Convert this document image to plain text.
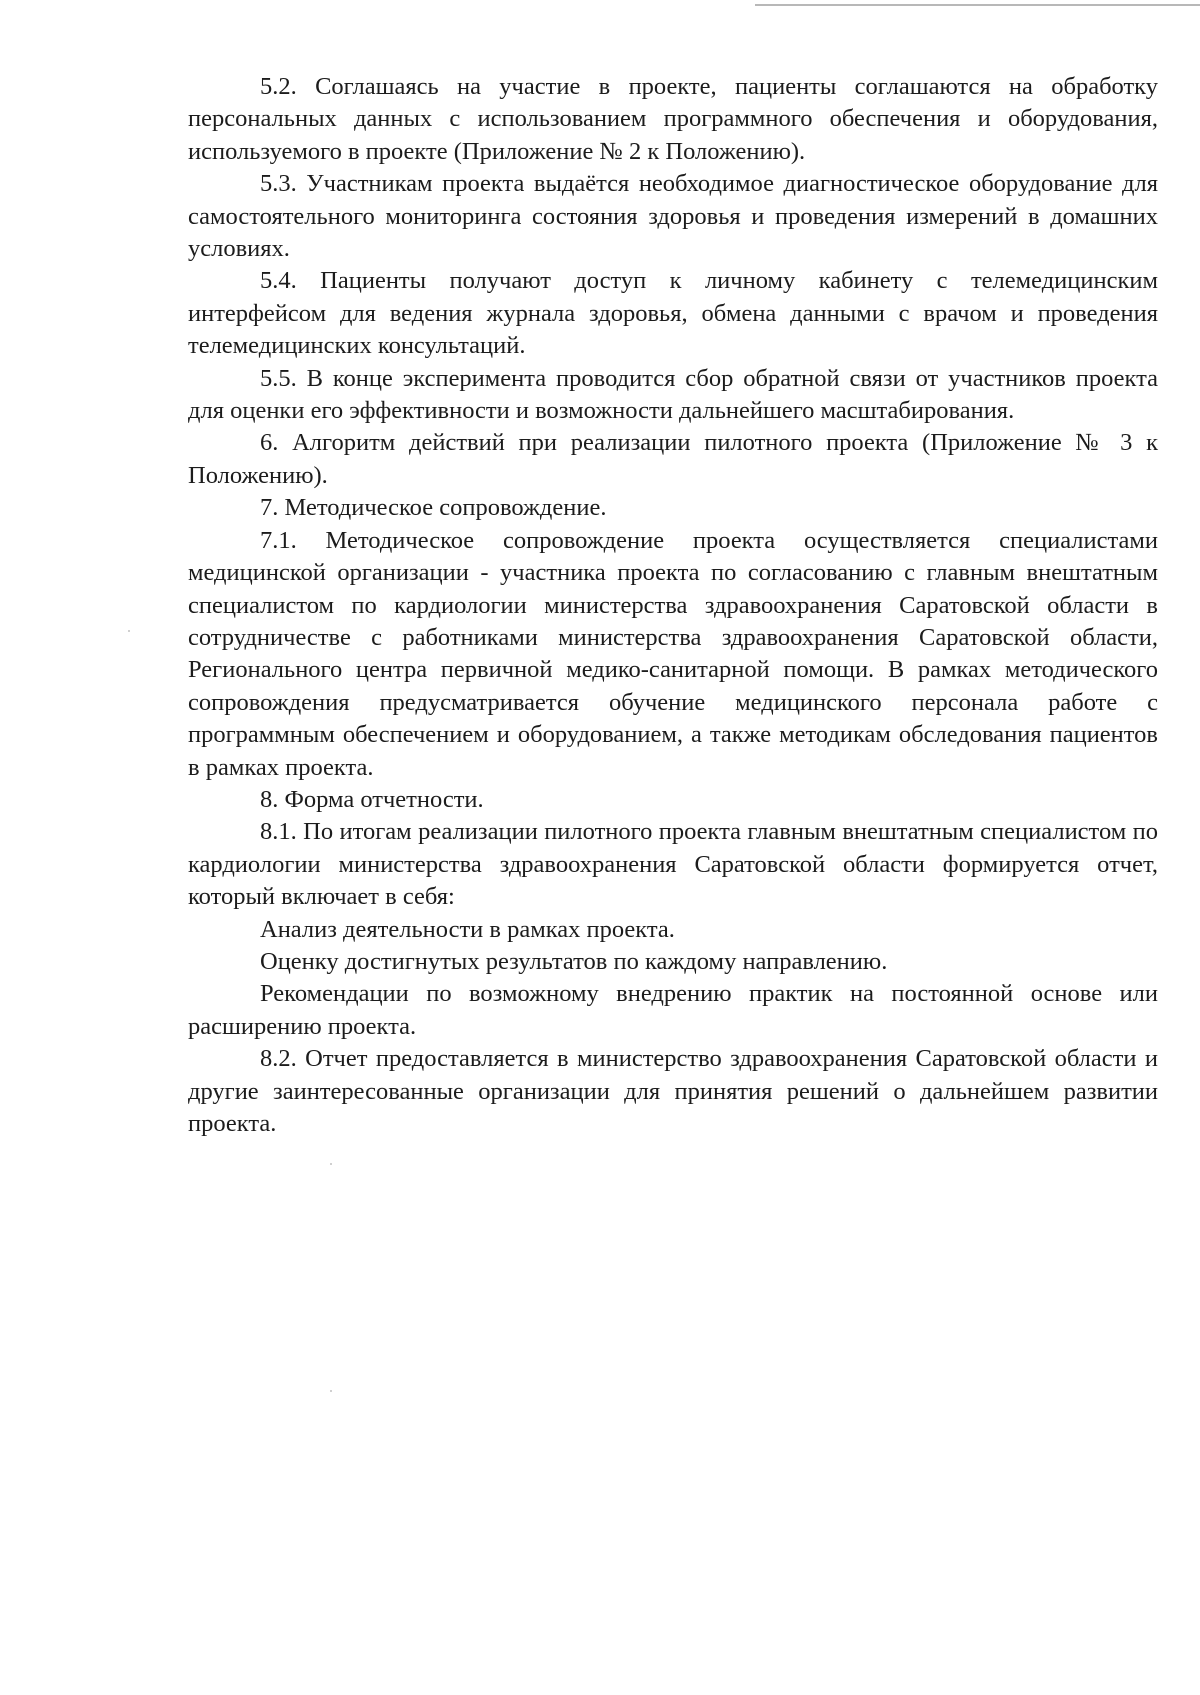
5.2. Соглашаясь на участие в проекте, пациенты соглашаются на обработку персональных данных с использованием программного обеспечения и оборудования, используемого в проекте (Приложение № 2 к Положению).

5.3. Участникам проекта выдаётся необходимое диагностическое оборудование для самостоятельного мониторинга состояния здоровья и проведения измерений в домашних условиях.

5.4. Пациенты получают доступ к личному кабинету с телемедицинским интерфейсом для ведения журнала здоровья, обмена данными с врачом и проведения телемедицинских консультаций.

5.5. В конце эксперимента проводится сбор обратной связи от участников проекта для оценки его эффективности и возможности дальнейшего масштабирования.

6. Алгоритм действий при реализации пилотного проекта (Приложение № 3 к Положению).

7. Методическое сопровождение.

7.1. Методическое сопровождение проекта осуществляется специалистами медицинской организации - участника проекта по согласованию с главным внештатным специалистом по кардиологии министерства здравоохранения Саратовской области в сотрудничестве с работниками министерства здравоохранения Саратовской области, Регионального центра первичной медико-санитарной помощи. В рамках методического сопровождения предусматривается обучение медицинского персонала работе с программным обеспечением и оборудованием, а также методикам обследования пациентов в рамках проекта.

8. Форма отчетности.

8.1. По итогам реализации пилотного проекта главным внештатным специалистом по кардиологии министерства здравоохранения Саратовской области формируется отчет, который включает в себя:

Анализ деятельности в рамках проекта.

Оценку достигнутых результатов по каждому направлению.

Рекомендации по возможному внедрению практик на постоянной основе или расширению проекта.

8.2. Отчет предоставляется в министерство здравоохранения Саратовской области и другие заинтересованные организации для принятия решений о дальнейшем развитии проекта.
